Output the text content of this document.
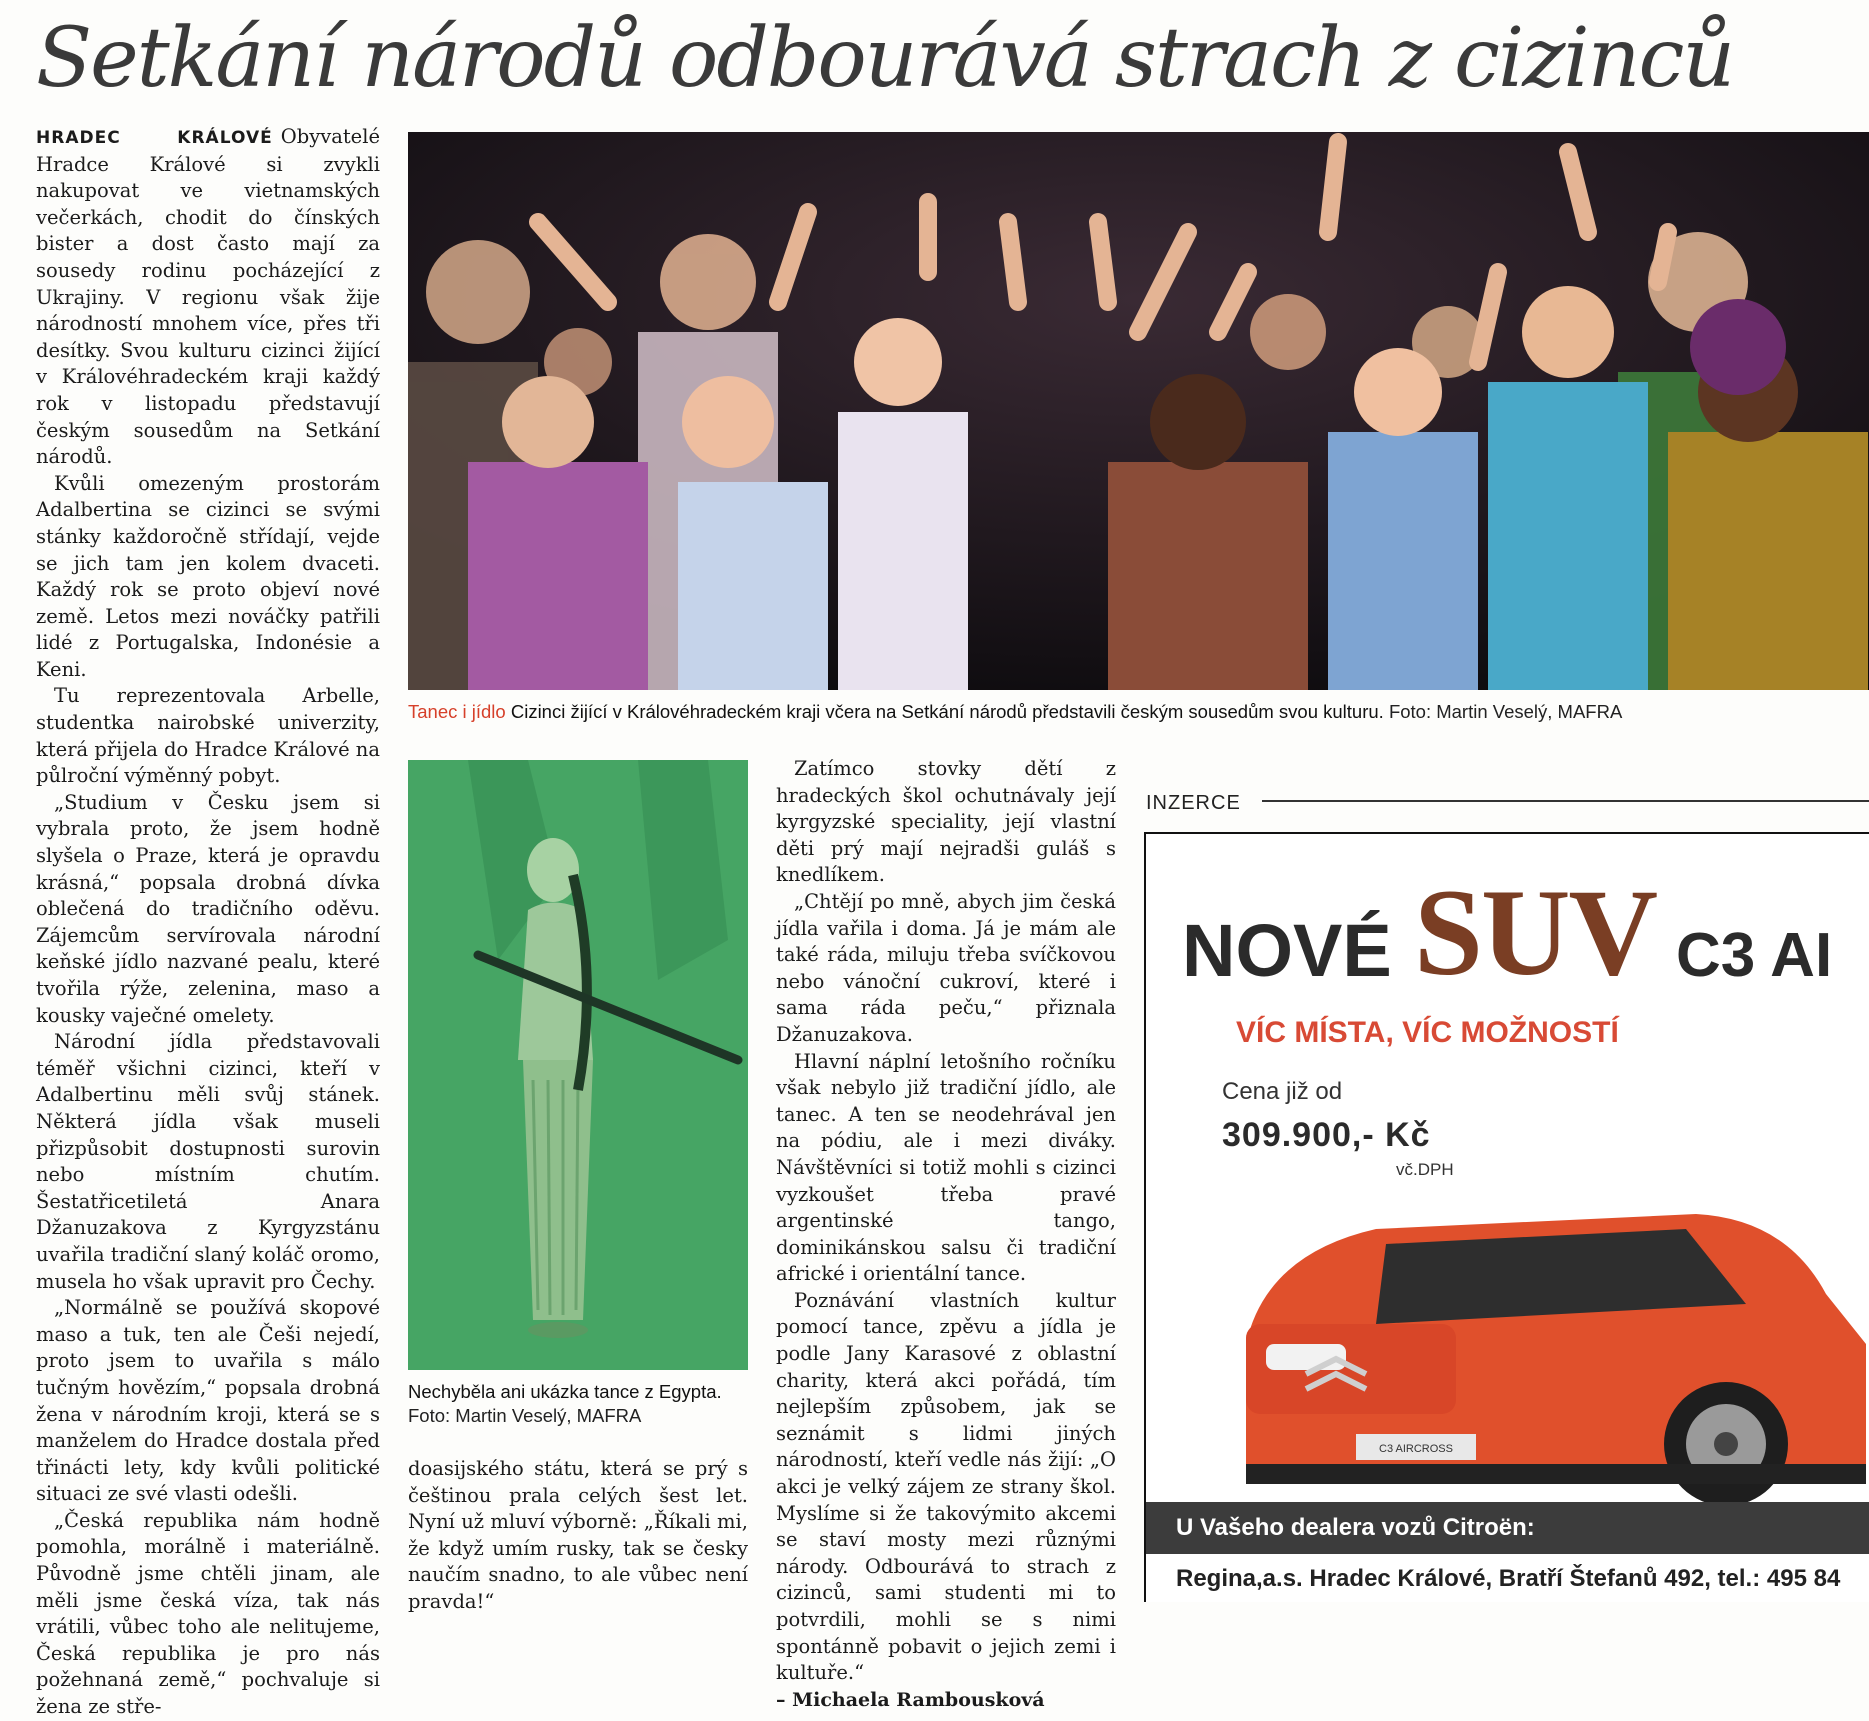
Setkání národů odbourává strach z cizinců

HRADEC KRÁLOVÉ Obyvatelé Hradce Králové si zvykli nakupovat ve vietnamských večerkách, chodit do čínských bister a dost často mají za sousedy rodinu pocházející z Ukrajiny. V regionu však žije národností mnohem více, přes tři desítky. Svou kulturu cizinci žijící v Královéhradeckém kraji každý rok v listopadu představují českým sousedům na Setkání národů.

Kvůli omezeným prostorám Adalbertina se cizinci se svými stánky každoročně střídají, vejde se jich tam jen kolem dvaceti. Každý rok se proto objeví nové země. Letos mezi nováčky patřili lidé z Portugalska, Indonésie a Keni.

Tu reprezentovala Arbelle, studentka nairobské univerzity, která přijela do Hradce Králové na půlroční výměnný pobyt.

„Studium v Česku jsem si vybrala proto, že jsem hodně slyšela o Praze, která je opravdu krásná,“ popsala drobná dívka oblečená do tradičního oděvu. Zájemcům servírovala národní keňské jídlo nazvané pealu, které tvořila rýže, zelenina, maso a kousky vaječné omelety.

Národní jídla představovali téměř všichni cizinci, kteří v Adalbertinu měli svůj stánek. Některá jídla však museli přizpůsobit dostupnosti surovin nebo místním chutím. Šestatřicetiletá Anara Džanuzakova z Kyrgyzstánu uvařila tradiční slaný koláč oromo, musela ho však upravit pro Čechy.

„Normálně se používá skopové maso a tuk, ten ale Češi nejedí, proto jsem to uvařila s málo tučným hovězím,“ popsala drobná žena v národním kroji, která se s manželem do Hradce dostala před třinácti lety, kdy kvůli politické situaci ze své vlasti odešli.

„Česká republika nám hodně pomohla, morálně i materiálně. Původně jsme chtěli jinam, ale měli jsme česká víza, tak nás vrátili, vůbec toho ale nelitujeme, Česká republika je pro nás požehnaná země,“ pochvaluje si žena ze stře-

Tanec i jídlo Cizinci žijící v Královéhradeckém kraji včera na Setkání národů představili českým sousedům svou kulturu. Foto: Martin Veselý, MAFRA
Nechyběla ani ukázka tance z Egypta. Foto: Martin Veselý, MAFRA

doasijského státu, která se prý s češtinou prala celých šest let. Nyní už mluví výborně: „Říkali mi, že když umím rusky, tak se česky naučím snadno, to ale vůbec není pravda!“

Zatímco stovky dětí z hradeckých škol ochutnávaly její kyrgyzské speciality, její vlastní děti prý mají nejradši guláš s knedlíkem.

„Chtějí po mně, abych jim česká jídla vařila i doma. Já je mám ale také ráda, miluju třeba svíčkovou nebo vánoční cukroví, které i sama ráda peču,“ přiznala Džanuzakova.

Hlavní náplní letošního ročníku však nebylo již tradiční jídlo, ale tanec. A ten se neodehrával jen na pódiu, ale i mezi diváky. Návštěvníci si totiž mohli s cizinci vyzkoušet třeba pravé argentinské tango, dominikánskou salsu či tradiční africké i orientální tance.

Poznávání vlastních kultur pomocí tance, zpěvu a jídla je podle Jany Karasové z oblastní charity, která akci pořádá, tím nejlepším způsobem, jak se seznámit s lidmi jiných národností, kteří vedle nás žijí: „O akci je velký zájem ze strany škol. Myslíme si že takovýmito akcemi se staví mosty mezi různými národy. Odbourává to strach z cizinců, sami studenti mi to potvrdili, mohli se s nimi spontánně pobavit o jejich zemi i kultuře.“

– Michaela Rambousková

INZERCE
NOVÉ SUV C3 AI
VÍC MÍSTA, VÍC MOŽNOSTÍ
Cena již od
309.900,- Kč
vč.DPH
C3 AIRCROSS
U Vašeho dealera vozů Citroën:
Regina,a.s. Hradec Králové, Bratří Štefanů 492, tel.: 495 84
